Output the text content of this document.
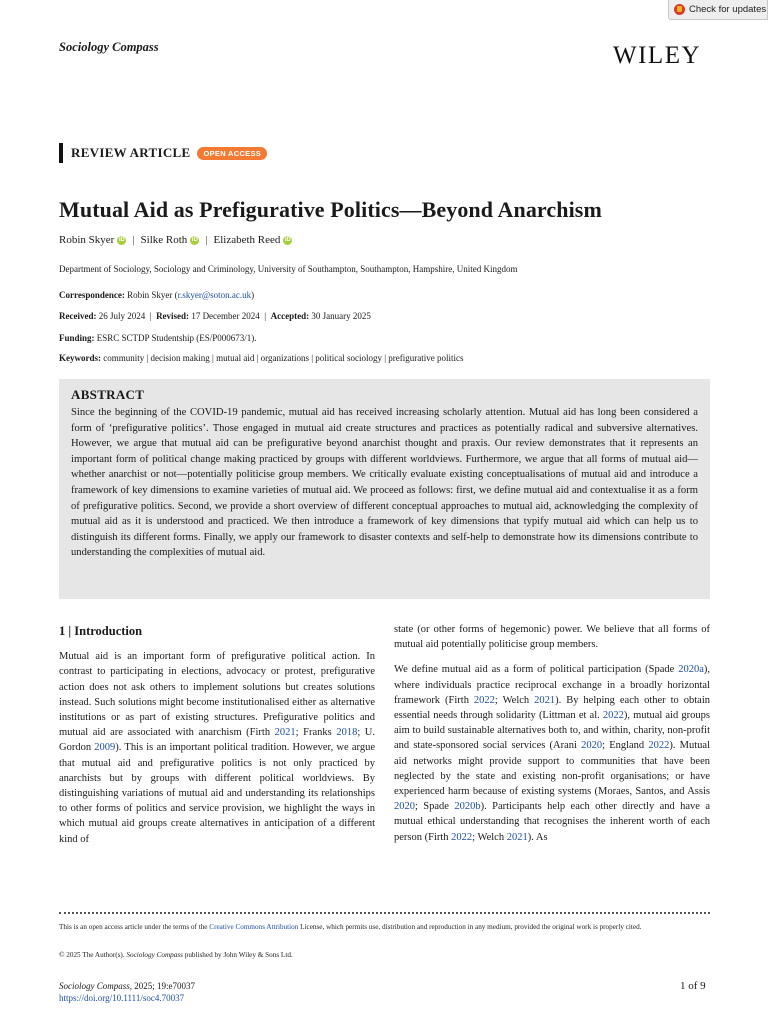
Check for updates
Sociology Compass	WILEY
REVIEW ARTICLE	OPEN ACCESS
Mutual Aid as Prefigurative Politics—Beyond Anarchism
Robin Skyer iD | Silke Roth iD | Elizabeth Reed iD
Department of Sociology, Sociology and Criminology, University of Southampton, Southampton, Hampshire, United Kingdom
Correspondence: Robin Skyer (r.skyer@soton.ac.uk)
Received: 26 July 2024 | Revised: 17 December 2024 | Accepted: 30 January 2025
Funding: ESRC SCTDP Studentship (ES/P000673/1).
Keywords: community | decision making | mutual aid | organizations | political sociology | prefigurative politics
ABSTRACT
Since the beginning of the COVID-19 pandemic, mutual aid has received increasing scholarly attention. Mutual aid has long been considered a form of ‘prefigurative politics’. Those engaged in mutual aid create structures and practices as potentially radical and subversive alternatives. However, we argue that mutual aid can be prefigurative beyond anarchist thought and praxis. Our review demonstrates that it represents an important form of political change making practiced by groups with different worldviews. Furthermore, we argue that all forms of mutual aid—whether anarchist or not—potentially politicise group members. We critically evaluate existing conceptualisations of mutual aid and introduce a framework of key dimensions to examine varieties of mutual aid. We proceed as follows: first, we define mutual aid and contextualise it as a form of prefigurative politics. Second, we provide a short overview of different conceptual approaches to mutual aid, acknowledging the complexity of mutual aid as it is understood and practiced. We then introduce a framework of key dimensions that typify mutual aid which can help us to distinguish its different forms. Finally, we apply our framework to disaster contexts and self-help to demonstrate how its dimensions contribute to understanding the complexities of mutual aid.
1 | Introduction

Mutual aid is an important form of prefigurative political action. In contrast to participating in elections, advocacy or protest, prefigurative action does not ask others to implement solutions but creates solutions instead. Such solutions might become institutionalised either as alternative institutions or as part of existing structures. Prefigurative politics and mutual aid are associated with anarchism (Firth 2021; Franks 2018; U. Gordon 2009). This is an important political tradition. However, we argue that mutual aid and prefigurative politics is not only practiced by anarchists but by groups with different political worldviews. By distinguishing variations of mutual aid and understanding its relationships to other forms of politics and service provision, we highlight the ways in which mutual aid groups create alternatives in anticipation of a different kind of

state (or other forms of hegemonic) power. We believe that all forms of mutual aid potentially politicise group members.

We define mutual aid as a form of political participation (Spade 2020a), where individuals practice reciprocal exchange in a broadly horizontal framework (Firth 2022; Welch 2021). By helping each other to obtain essential needs through solidarity (Littman et al. 2022), mutual aid groups aim to build sustainable alternatives both to, and within, charity, non-profit and state-sponsored social services (Arani 2020; England 2022). Mutual aid networks might provide support to communities that have been neglected by the state and existing non-profit organisations; or have experienced harm because of existing systems (Moraes, Santos, and Assis 2020; Spade 2020b). Participants help each other directly and have a mutual ethical understanding that recognises the inherent worth of each person (Firth 2022; Welch 2021). As

This is an open access article under the terms of the Creative Commons Attribution License, which permits use, distribution and reproduction in any medium, provided the original work is properly cited.
© 2025 The Author(s). Sociology Compass published by John Wiley & Sons Ltd.
Sociology Compass, 2025; 19:e70037
https://doi.org/10.1111/soc4.70037
1 of 9
